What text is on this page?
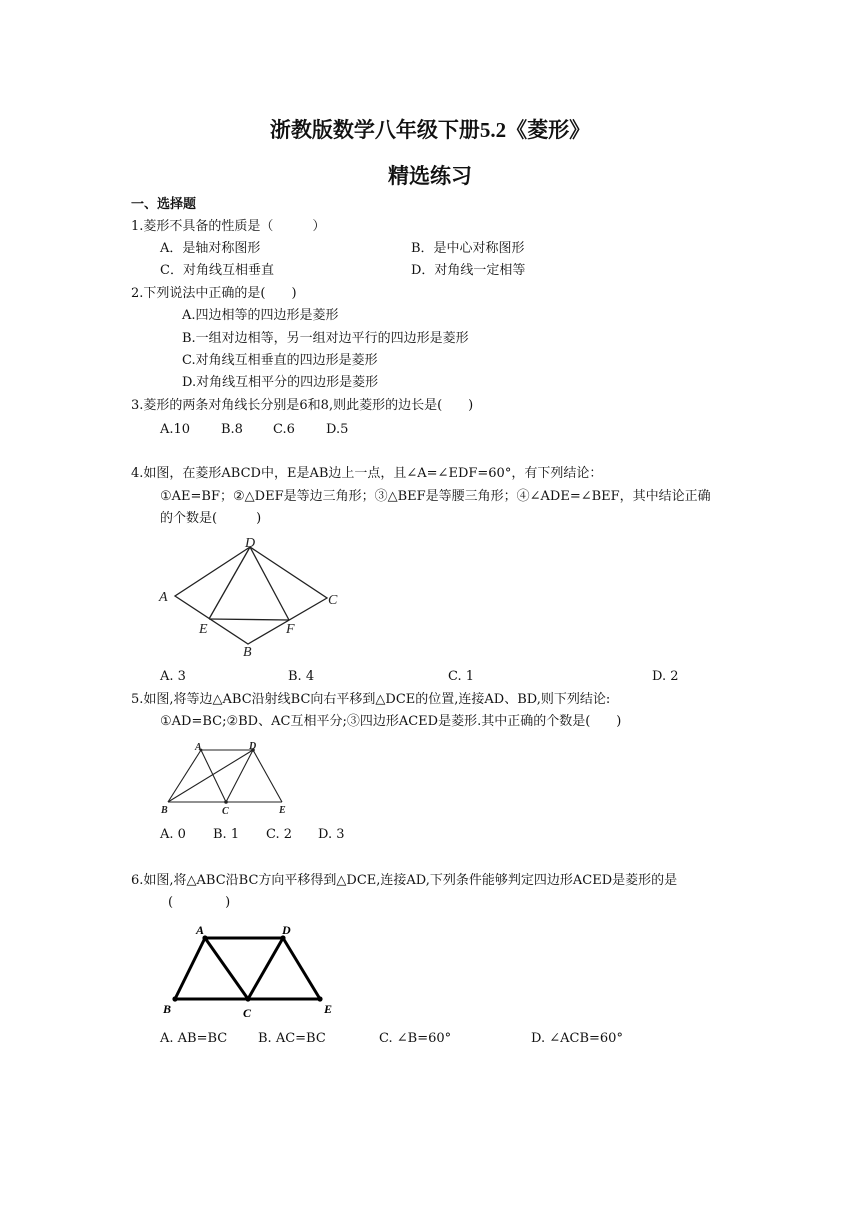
浙教版数学八年级下册5.2《菱形》
精选练习
一、选择题
1.菱形不具备的性质是（　　　）
A．是轴对称图形	B．是中心对称图形
C．对角线互相垂直	D．对角线一定相等
2.下列说法中正确的是(　　)
A.四边相等的四边形是菱形
B.一组对边相等，另一组对边平行的四边形是菱形
C.对角线互相垂直的四边形是菱形
D.对角线互相平分的四边形是菱形
3.菱形的两条对角线长分别是6和8,则此菱形的边长是(　　)
A.10 B.8 C.6 D.5
4.如图，在菱形ABCD中，E是AB边上一点，且∠A=∠EDF=60°，有下列结论：
①AE=BF；②△DEF是等边三角形；③△BEF是等腰三角形；④∠ADE=∠BEF，其中结论正确
的个数是(　　　)
D
A	C
E	F
B
A. 3	B. 4	C. 1	D. 2
5.如图,将等边△ABC沿射线BC向右平移到△DCE的位置,连接AD、BD,则下列结论:
①AD=BC;②BD、AC互相平分;③四边形ACED是菱形.其中正确的个数是(　　)
A	D
B	C	E
A. 0 B. 1 C. 2 D. 3
6.如图,将△ABC沿BC方向平移得到△DCE,连接AD,下列条件能够判定四边形ACED是菱形的是
(　　　　)
A	D
B	C	E
A. AB=BC B. AC=BC	C. ∠B=60°	D. ∠ACB=60°
